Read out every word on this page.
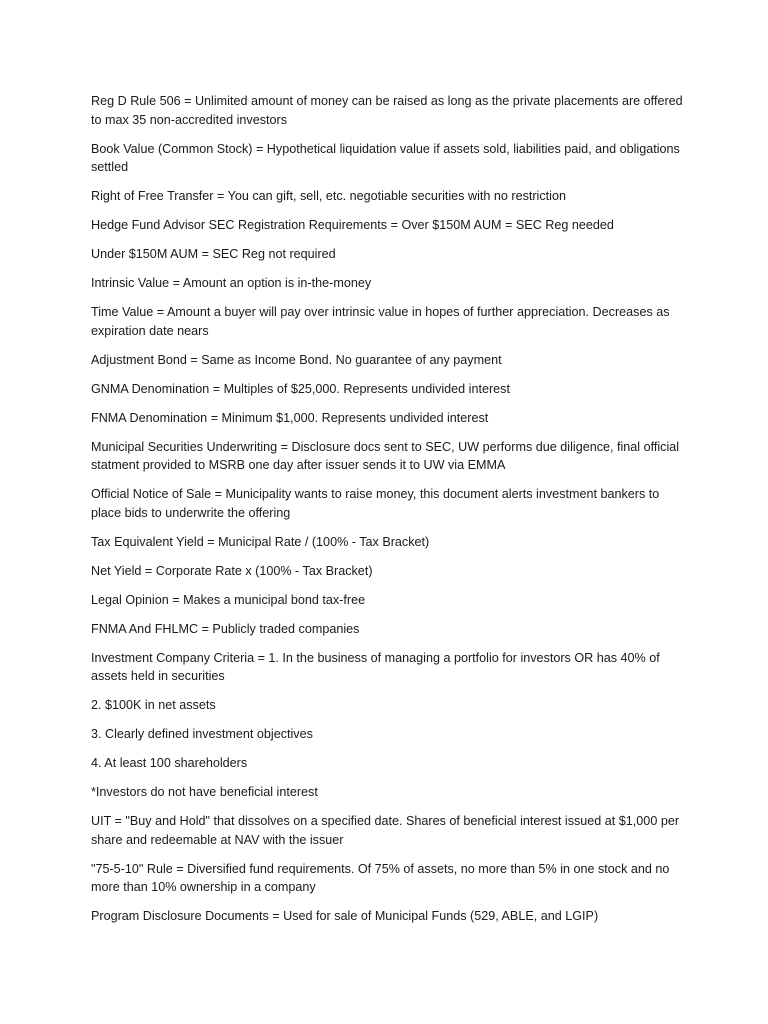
Reg D Rule 506 = Unlimited amount of money can be raised as long as the private placements are offered to max 35 non-accredited investors

Book Value (Common Stock) = Hypothetical liquidation value if assets sold, liabilities paid, and obligations settled

Right of Free Transfer = You can gift, sell, etc. negotiable securities with no restriction

Hedge Fund Advisor SEC Registration Requirements = Over $150M AUM = SEC Reg needed

Under $150M AUM = SEC Reg not required

Intrinsic Value = Amount an option is in-the-money

Time Value = Amount a buyer will pay over intrinsic value in hopes of further appreciation. Decreases as expiration date nears

Adjustment Bond = Same as Income Bond. No guarantee of any payment

GNMA Denomination = Multiples of $25,000. Represents undivided interest

FNMA Denomination = Minimum $1,000. Represents undivided interest

Municipal Securities Underwriting = Disclosure docs sent to SEC, UW performs due diligence, final official statment provided to MSRB one day after issuer sends it to UW via EMMA

Official Notice of Sale = Municipality wants to raise money, this document alerts investment bankers to place bids to underwrite the offering

Tax Equivalent Yield = Municipal Rate / (100% - Tax Bracket)

Net Yield = Corporate Rate x (100% - Tax Bracket)

Legal Opinion = Makes a municipal bond tax-free

FNMA And FHLMC = Publicly traded companies

Investment Company Criteria = 1. In the business of managing a portfolio for investors OR has 40% of assets held in securities

2. $100K in net assets

3. Clearly defined investment objectives

4. At least 100 shareholders

*Investors do not have beneficial interest

UIT = "Buy and Hold" that dissolves on a specified date. Shares of beneficial interest issued at $1,000 per share and redeemable at NAV with the issuer

"75-5-10" Rule = Diversified fund requirements. Of 75% of assets, no more than 5% in one stock and no more than 10% ownership in a company

Program Disclosure Documents = Used for sale of Municipal Funds (529, ABLE, and LGIP)
